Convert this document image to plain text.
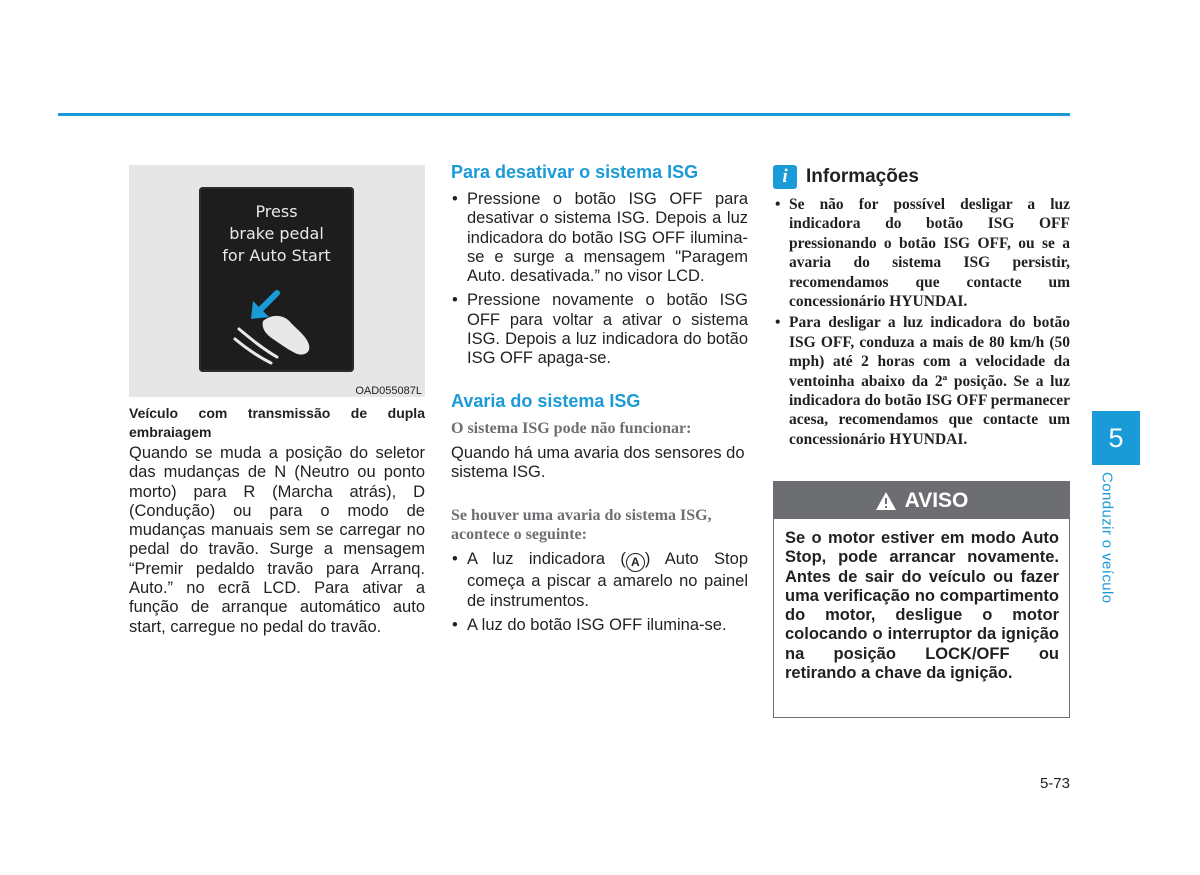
Press
brake pedal
for Auto Start
OAD055087L
Veículo com transmissão de dupla embraiagem

Quando se muda a posição do seletor das mudanças de N (Neutro ou ponto morto) para R (Marcha atrás), D (Condução) ou para o modo de mudanças manuais sem se carregar no pedal do travão. Surge a mensagem “Premir pedaldo travão para Arranq. Auto.” no ecrã LCD. Para ativar a função de arranque automático auto start, carregue no pedal do travão.

Para desativar o sistema ISG
• Pressione o botão ISG OFF para desativar o sistema ISG. Depois a luz indicadora do botão ISG OFF ilumina-se e surge a mensagem "Paragem Auto. desativada.” no visor LCD.
• Pressione novamente o botão ISG OFF para voltar a ativar o sistema ISG. Depois a luz indicadora do botão ISG OFF apaga-se.
Avaria do sistema ISG
O sistema ISG pode não funcionar:

Quando há uma avaria dos sensores do sistema ISG.

Se houver uma avaria do sistema ISG, acontece o seguinte:
• A luz indicadora ( A ) Auto Stop começa a piscar a amarelo no painel de instrumentos.
• A luz do botão ISG OFF ilumina-se.
i Informações
• Se não for possível desligar a luz indicadora do botão ISG OFF pressionando o botão ISG OFF, ou se a avaria do sistema ISG persistir, recomendamos que contacte um concessionário HYUNDAI.
• Para desligar a luz indicadora do botão ISG OFF, conduza a mais de 80 km/h (50 mph) até 2 horas com a velocidade da ventoinha abaixo da 2ª posição. Se a luz indicadora do botão ISG OFF permanecer acesa, recomendamos que contacte um concessionário HYUNDAI.
AVISO
Se o motor estiver em modo Auto Stop, pode arrancar novamente. Antes de sair do veículo ou fazer uma verificação no compartimento do motor, desligue o motor colocando o interruptor da ignição na posição LOCK/OFF ou retirando a chave da ignição.
5
Conduzir o veículo
5-73
